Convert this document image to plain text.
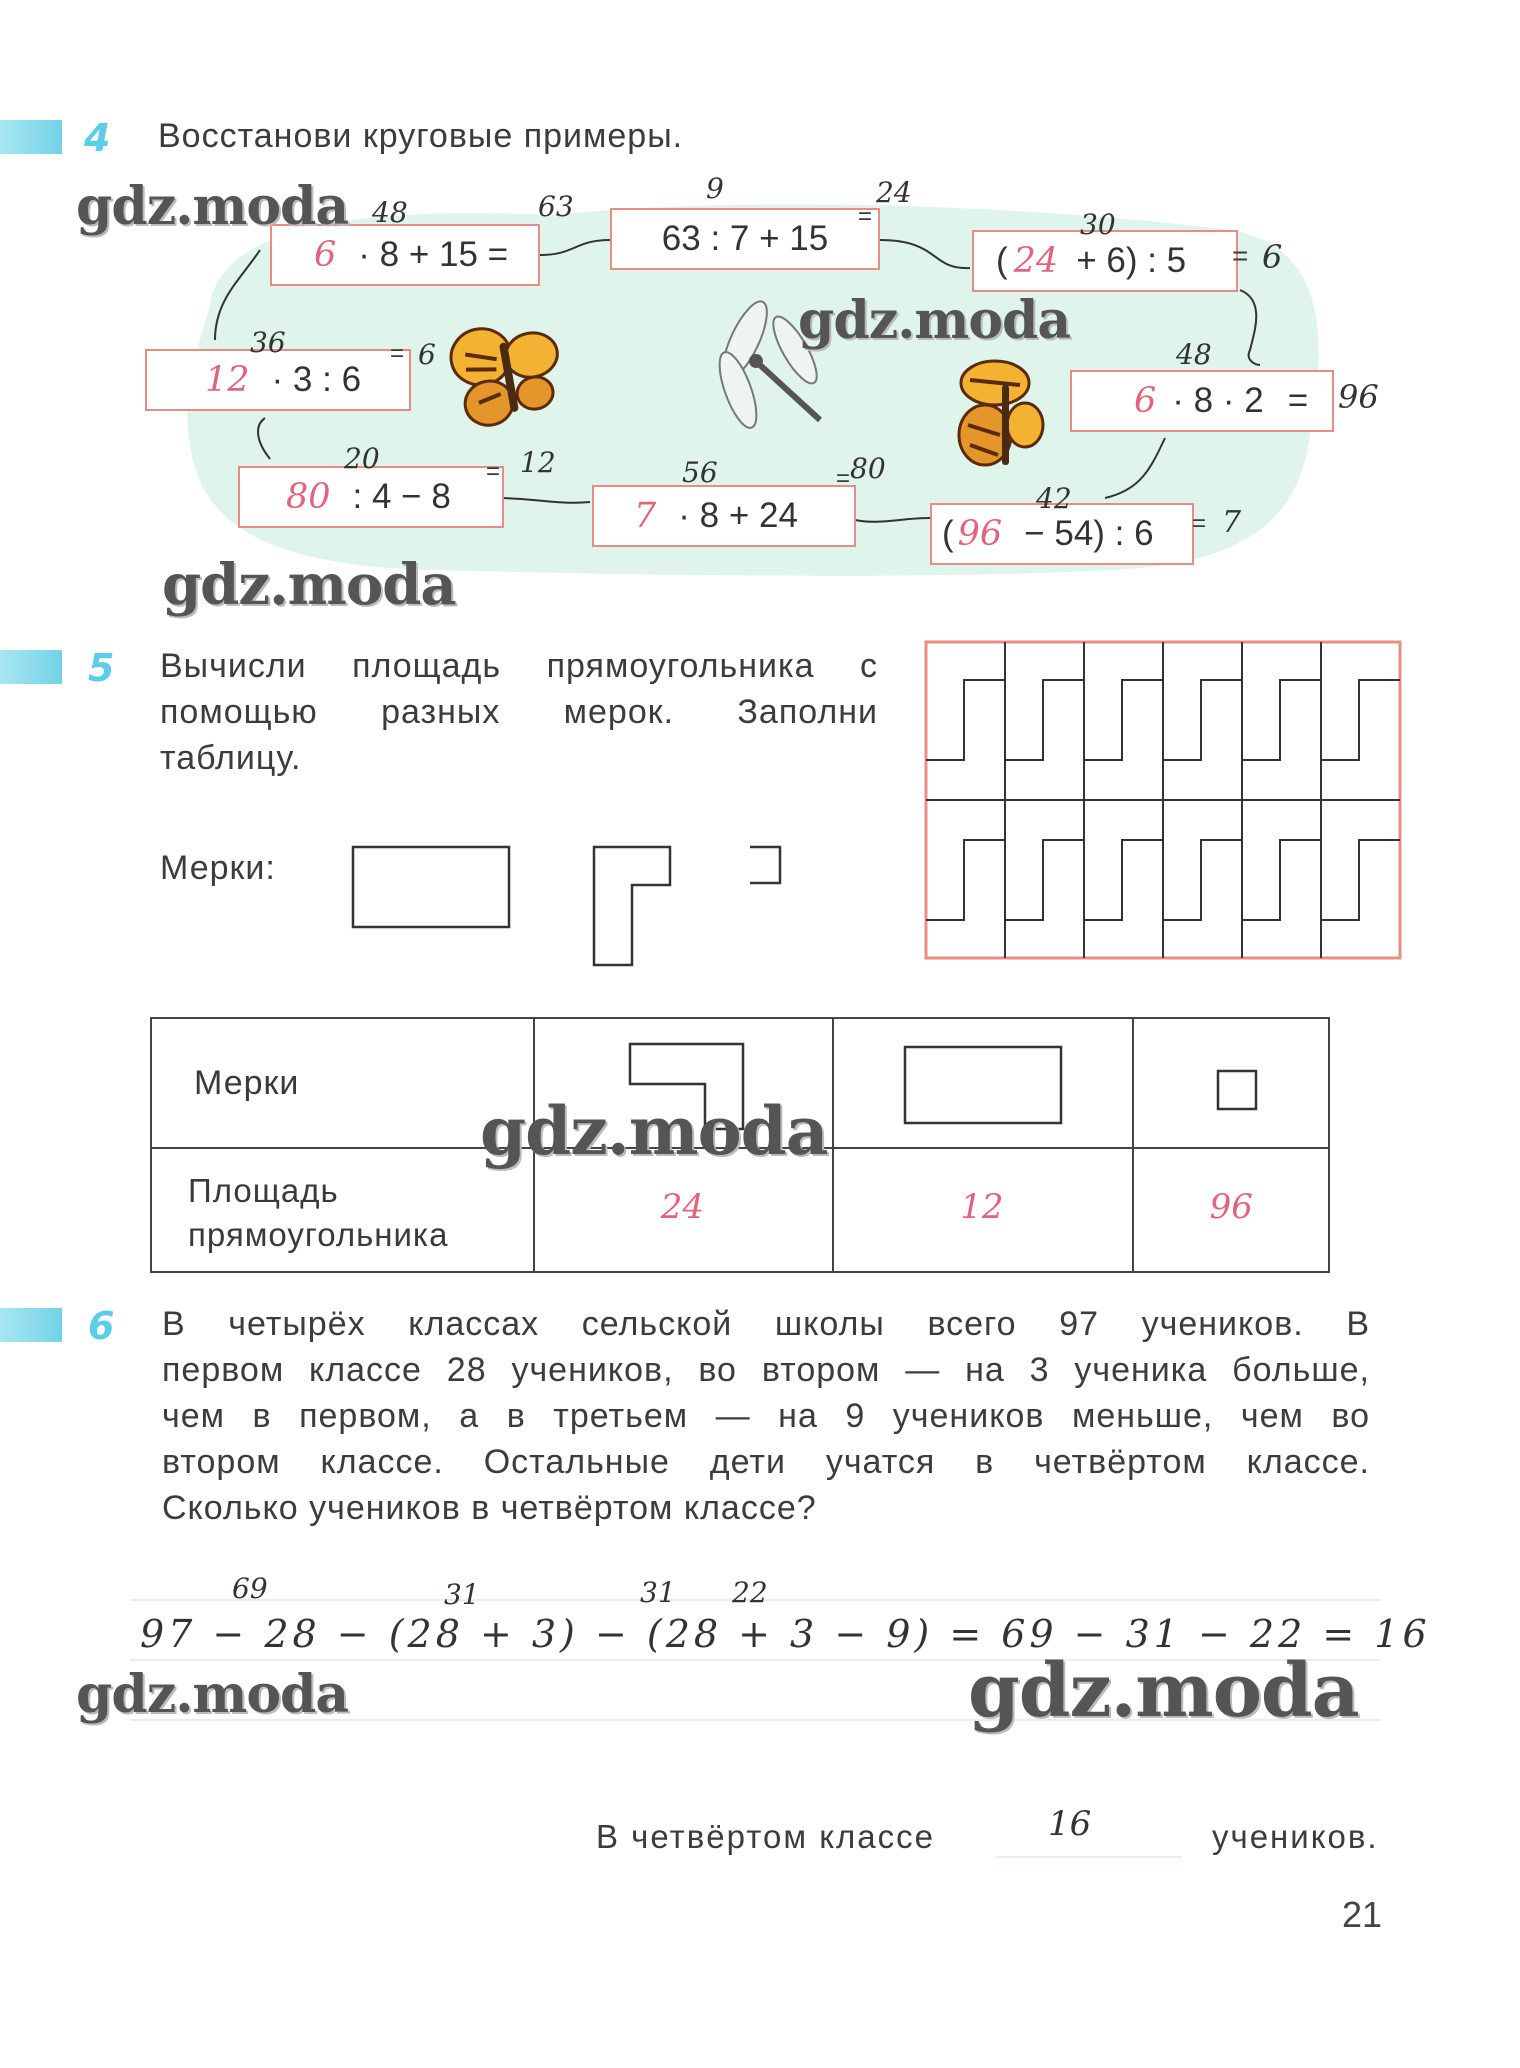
4 Восстанови круговые примеры.
6 · 8 + 15 =
48	63
63 : 7 + 15
9	24
=
( 24 + 6) : 5
30
= 6
6 · 8 · 2 =
48
96
( 96 − 54) : 6
42
= 7
7 · 8 + 24
56	= 80
80 : 4 − 8
20	= 12
12 · 3 : 6
36	= 6
5 Вычисли площадь прямоугольника с
помощью разных мерок. Заполни
таблицу.
Мерки:
Мерки

Площадь
прямоугольника	24	12	96
6 В четырёх классах сельской школы всего 97 учеников. В
первом классе 28 учеников, во втором — на 3 ученика больше,
чем в первом, а в третьем — на 9 учеников меньше, чем во
втором классе. Остальные дети учатся в четвёртом классе.
Сколько учеников в четвёртом классе?
69	31	31 22
97 − 28 − (28 + 3) − (28 + 3 − 9) = 69 − 31 − 22 = 16
В четвёртом классе	16	учеников.
21
gdz.moda
gdz.moda
gdz.moda
gdz.moda
gdz.moda	gdz.moda
